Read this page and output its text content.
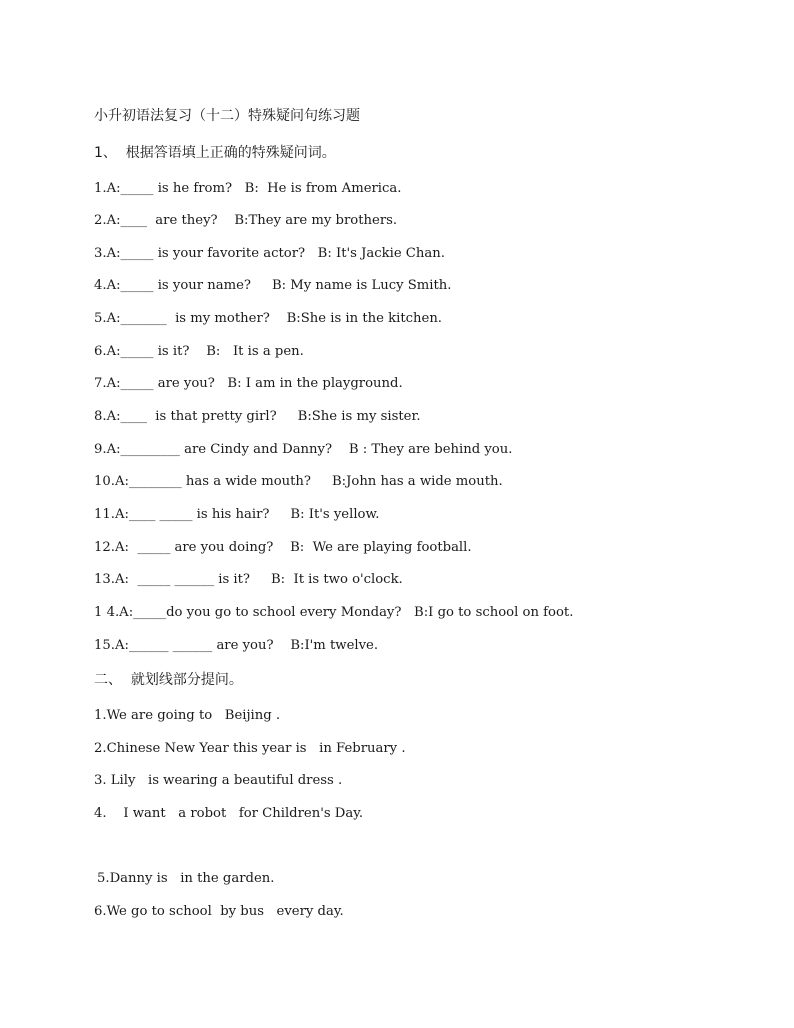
小升初语法复习（十二）特殊疑问句练习题
1、  根据答语填上正确的特殊疑问词。
1.A:_____ is he from?   B:  He is from America.
2.A:____  are they?    B:They are my brothers.
3.A:_____ is your favorite actor?   B: It's Jackie Chan.
4.A:_____ is your name?     B: My name is Lucy Smith.
5.A:_______  is my mother?    B:She is in the kitchen.
6.A:_____ is it?    B:   It is a pen.
7.A:_____ are you?   B: I am in the playground.
8.A:____  is that pretty girl?     B:She is my sister.
9.A:_________ are Cindy and Danny?    B : They are behind you.
10.A:________ has a wide mouth?     B:John has a wide mouth.
11.A:____ _____ is his hair?     B: It's yellow.
12.A:  _____ are you doing?    B:  We are playing football.
13.A:  _____ ______ is it?     B:  It is two o'clock.
1 4.A:_____do you go to school every Monday?   B:I go to school on foot.
15.A:______ ______ are you?    B:I'm twelve.
二、  就划线部分提问。
1.We are going to   Beijing .
2.Chinese New Year this year is   in February .
3. Lily   is wearing a beautiful dress .
4.    I want   a robot   for Children's Day.
5.Danny is   in the garden.
6.We go to school  by bus   every day.
